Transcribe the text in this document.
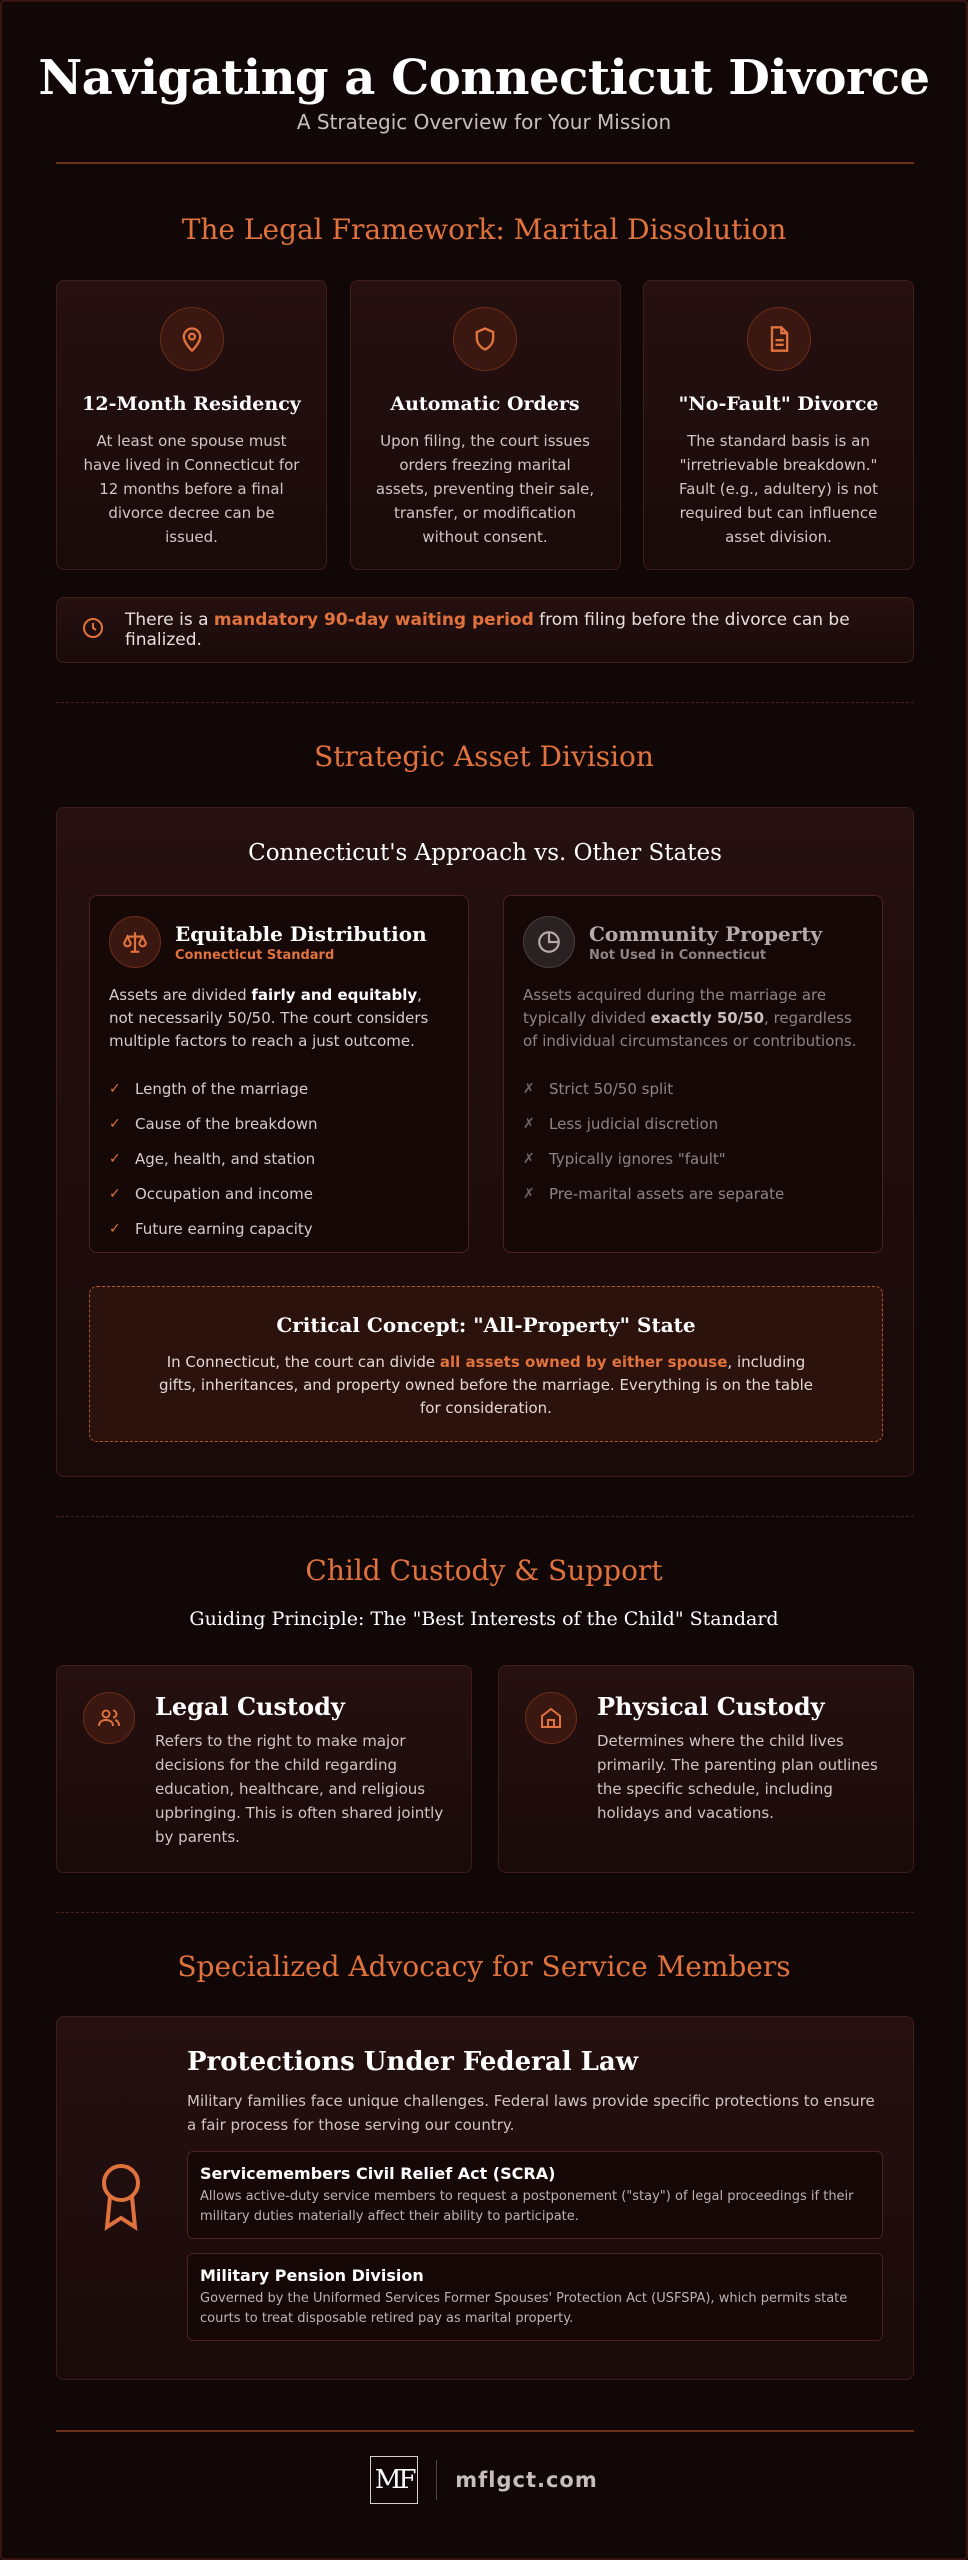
Navigating a Connecticut Divorce
A Strategic Overview for Your Mission
The Legal Framework: Marital Dissolution
12-Month Residency

At least one spouse must have lived in Connecticut for 12 months before a final divorce decree can be issued.

Automatic Orders

Upon filing, the court issues orders freezing marital assets, preventing their sale, transfer, or modification without consent.

"No-Fault" Divorce

The standard basis is an "irretrievable breakdown." Fault (e.g., adultery) is not required but can influence asset division.

There is a mandatory 90-day waiting period from filing before the divorce can be finalized.
Strategic Asset Division
Connecticut's Approach vs. Other States
Equitable Distribution
Connecticut Standard

Assets are divided fairly and equitably, not necessarily 50/50. The court considers multiple factors to reach a just outcome.

✓ Length of the marriage
✓ Cause of the breakdown
✓ Age, health, and station
✓ Occupation and income
✓ Future earning capacity
Community Property
Not Used in Connecticut

Assets acquired during the marriage are typically divided exactly 50/50, regardless of individual circumstances or contributions.

✗ Strict 50/50 split
✗ Less judicial discretion
✗ Typically ignores "fault"
✗ Pre-marital assets are separate
Critical Concept: "All-Property" State

In Connecticut, the court can divide all assets owned by either spouse, including gifts, inheritances, and property owned before the marriage. Everything is on the table for consideration.

Child Custody & Support
Guiding Principle: The "Best Interests of the Child" Standard
Legal Custody

Refers to the right to make major decisions for the child regarding education, healthcare, and religious upbringing. This is often shared jointly by parents.

Physical Custody

Determines where the child lives primarily. The parenting plan outlines the specific schedule, including holidays and vacations.

Specialized Advocacy for Service Members
Protections Under Federal Law

Military families face unique challenges. Federal laws provide specific protections to ensure a fair process for those serving our country.

Servicemembers Civil Relief Act (SCRA)

Allows active-duty service members to request a postponement ("stay") of legal proceedings if their military duties materially affect their ability to participate.

Military Pension Division

Governed by the Uniformed Services Former Spouses' Protection Act (USFSPA), which permits state courts to treat disposable retired pay as marital property.

MF mflgct.com
